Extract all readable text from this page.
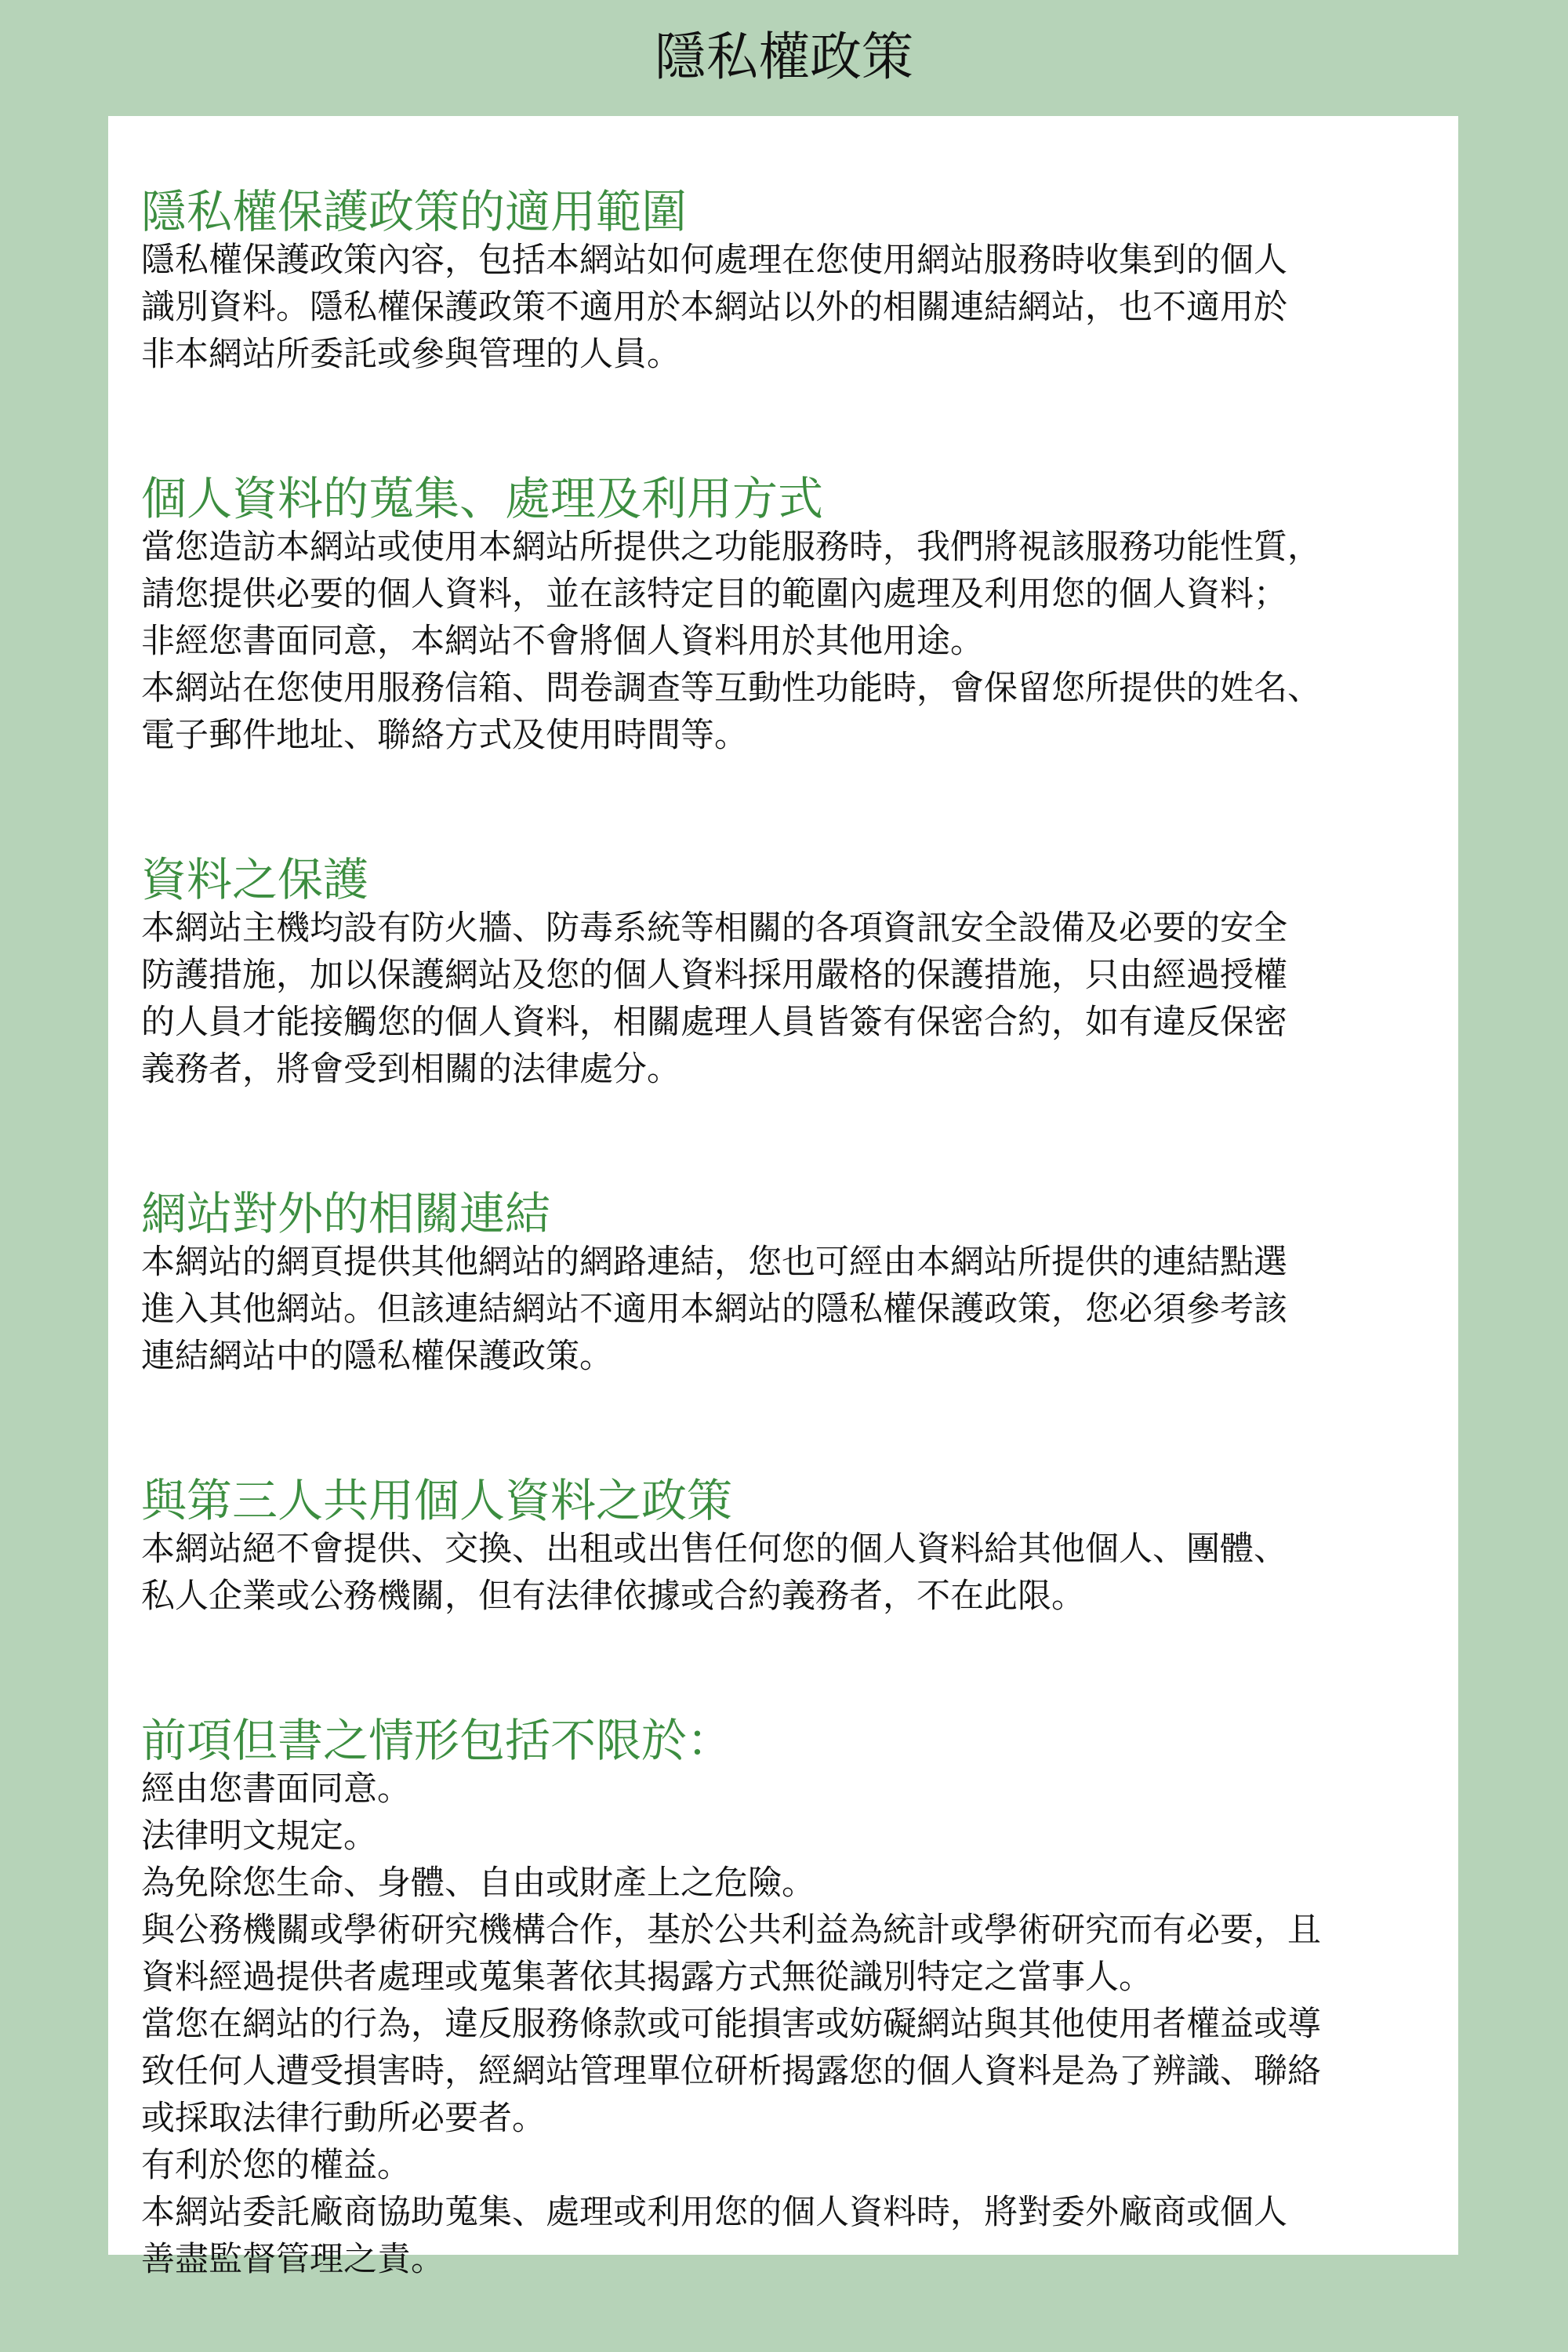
隱私權政策
隱私權保護政策的適用範圍

隱私權保護政策內容，包括本網站如何處理在您使用網站服務時收集到的個人
識別資料。隱私權保護政策不適用於本網站以外的相關連結網站，也不適用於
非本網站所委託或參與管理的人員。

個人資料的蒐集、處理及利用方式

當您造訪本網站或使用本網站所提供之功能服務時，我們將視該服務功能性質，
請您提供必要的個人資料，並在該特定目的範圍內處理及利用您的個人資料；
非經您書面同意，本網站不會將個人資料用於其他用途。
本網站在您使用服務信箱、問卷調查等互動性功能時，會保留您所提供的姓名、
電子郵件地址、聯絡方式及使用時間等。

資料之保護

本網站主機均設有防火牆、防毒系統等相關的各項資訊安全設備及必要的安全
防護措施，加以保護網站及您的個人資料採用嚴格的保護措施，只由經過授權
的人員才能接觸您的個人資料，相關處理人員皆簽有保密合約，如有違反保密
義務者，將會受到相關的法律處分。

網站對外的相關連結

本網站的網頁提供其他網站的網路連結，您也可經由本網站所提供的連結點選
進入其他網站。但該連結網站不適用本網站的隱私權保護政策，您必須參考該
連結網站中的隱私權保護政策。

與第三人共用個人資料之政策

本網站絕不會提供、交換、出租或出售任何您的個人資料給其他個人、團體、
私人企業或公務機關，但有法律依據或合約義務者，不在此限。

前項但書之情形包括不限於：

經由您書面同意。
法律明文規定。
為免除您生命、身體、自由或財產上之危險。
與公務機關或學術研究機構合作，基於公共利益為統計或學術研究而有必要，且
資料經過提供者處理或蒐集著依其揭露方式無從識別特定之當事人。
當您在網站的行為，違反服務條款或可能損害或妨礙網站與其他使用者權益或導
致任何人遭受損害時，經網站管理單位研析揭露您的個人資料是為了辨識、聯絡
或採取法律行動所必要者。
有利於您的權益。
本網站委託廠商協助蒐集、處理或利用您的個人資料時，將對委外廠商或個人
善盡監督管理之責。
